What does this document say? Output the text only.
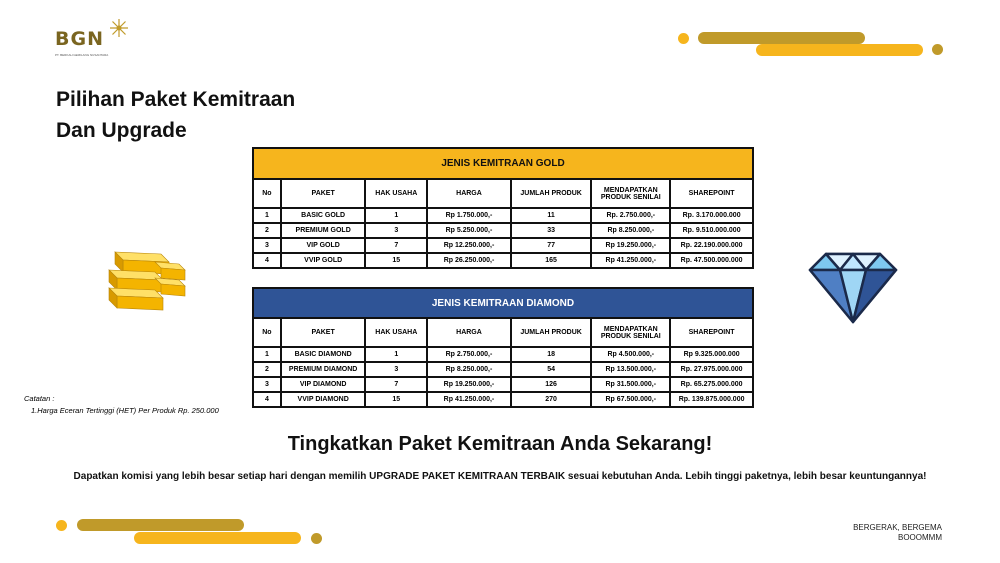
BGN
PT. BERKAH GEMILANG NUSANTARA
Pilihan Paket Kemitraan
Dan Upgrade
JENIS KEMITRAAN GOLD						
No	PAKET	HAK USAHA	HARGA	JUMLAH PRODUK	MENDAPATKAN PRODUK SENILAI	SHAREPOINT
1	BASIC GOLD	1	Rp 1.750.000,-	11	Rp. 2.750.000,-	Rp. 3.170.000.000
2	PREMIUM GOLD	3	Rp 5.250.000,-	33	Rp 8.250.000,-	Rp. 9.510.000.000
3	VIP GOLD	7	Rp 12.250.000,-	77	Rp 19.250.000,-	Rp. 22.190.000.000
4	VVIP GOLD	15	Rp 26.250.000,-	165	Rp 41.250.000,-	Rp. 47.500.000.000
JENIS KEMITRAAN DIAMOND						
No	PAKET	HAK USAHA	HARGA	JUMLAH PRODUK	MENDAPATKAN PRODUK SENILAI	SHAREPOINT
1	BASIC DIAMOND	1	Rp 2.750.000,-	18	Rp 4.500.000,-	Rp 9.325.000.000
2	PREMIUM DIAMOND	3	Rp 8.250.000,-	54	Rp 13.500.000,-	Rp. 27.975.000.000
3	VIP DIAMOND	7	Rp 19.250.000,-	126	Rp 31.500.000,-	Rp. 65.275.000.000
4	VVIP DIAMOND	15	Rp 41.250.000,-	270	Rp 67.500.000,-	Rp. 139.875.000.000
Catatan :
1.Harga Eceran Tertinggi (HET) Per Produk Rp. 250.000
Tingkatkan Paket Kemitraan Anda Sekarang!
Dapatkan komisi yang lebih besar setiap hari dengan memilih UPGRADE PAKET KEMITRAAN TERBAIK sesuai kebutuhan Anda. Lebih tinggi paketnya, lebih besar keuntungannya!
BERGERAK, BERGEMA
BOOOMMM
